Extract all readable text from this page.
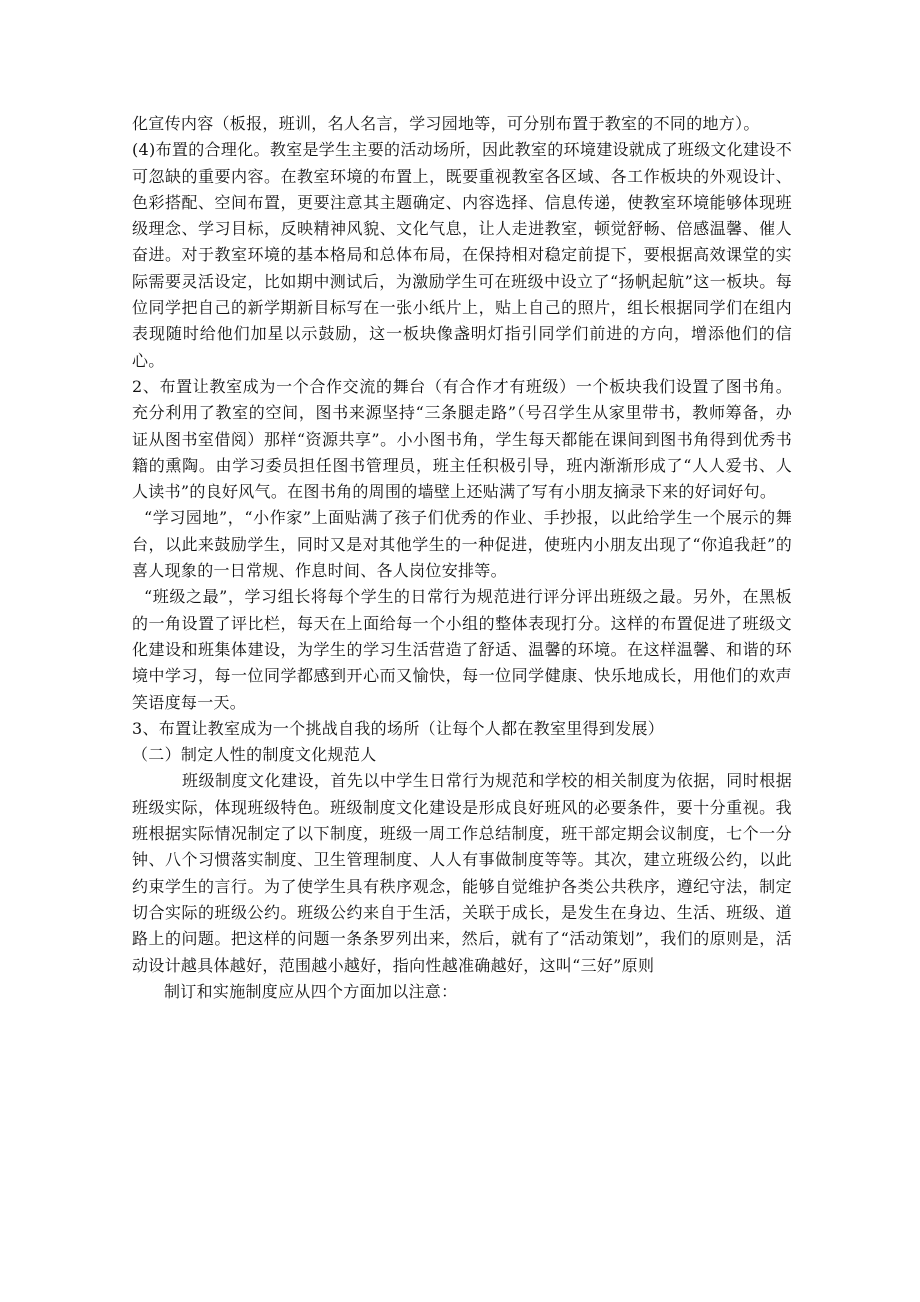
化宣传内容（板报，班训，名人名言，学习园地等，可分别布置于教室的不同的地方）。

(4)布置的合理化。教室是学生主要的活动场所，因此教室的环境建设就成了班级文化建设不可忽缺的重要内容。在教室环境的布置上，既要重视教室各区域、各工作板块的外观设计、色彩搭配、空间布置，更要注意其主题确定、内容选择、信息传递，使教室环境能够体现班级理念、学习目标，反映精神风貌、文化气息，让人走进教室，顿觉舒畅、倍感温馨、催人奋进。对于教室环境的基本格局和总体布局，在保持相对稳定前提下，要根据高效课堂的实际需要灵活设定，比如期中测试后，为激励学生可在班级中设立了“扬帆起航”这一板块。每位同学把自己的新学期新目标写在一张小纸片上，贴上自己的照片，组长根据同学们在组内表现随时给他们加星以示鼓励，这一板块像盏明灯指引同学们前进的方向，增添他们的信心。

2、布置让教室成为一个合作交流的舞台（有合作才有班级）一个板块我们设置了图书角。充分利用了教室的空间，图书来源坚持“三条腿走路”（号召学生从家里带书，教师筹备，办证从图书室借阅）那样“资源共享”。小小图书角，学生每天都能在课间到图书角得到优秀书籍的熏陶。由学习委员担任图书管理员，班主任积极引导，班内渐渐形成了“人人爱书、人人读书”的良好风气。在图书角的周围的墙壁上还贴满了写有小朋友摘录下来的好词好句。

“学习园地”，“小作家”上面贴满了孩子们优秀的作业、手抄报，以此给学生一个展示的舞台，以此来鼓励学生，同时又是对其他学生的一种促进，使班内小朋友出现了“你追我赶”的喜人现象的一日常规、作息时间、各人岗位安排等。

“班级之最”，学习组长将每个学生的日常行为规范进行评分评出班级之最。另外，在黑板的一角设置了评比栏，每天在上面给每一个小组的整体表现打分。这样的布置促进了班级文化建设和班集体建设，为学生的学习生活营造了舒适、温馨的环境。在这样温馨、和谐的环境中学习，每一位同学都感到开心而又愉快，每一位同学健康、快乐地成长，用他们的欢声笑语度每一天。

3、布置让教室成为一个挑战自我的场所（让每个人都在教室里得到发展）

（二）制定人性的制度文化规范人

班级制度文化建设，首先以中学生日常行为规范和学校的相关制度为依据，同时根据班级实际，体现班级特色。班级制度文化建设是形成良好班风的必要条件，要十分重视。我班根据实际情况制定了以下制度，班级一周工作总结制度，班干部定期会议制度，七个一分钟、八个习惯落实制度、卫生管理制度、人人有事做制度等等。其次，建立班级公约，以此约束学生的言行。为了使学生具有秩序观念，能够自觉维护各类公共秩序，遵纪守法，制定切合实际的班级公约。班级公约来自于生活，关联于成长，是发生在身边、生活、班级、道路上的问题。把这样的问题一条条罗列出来，然后，就有了“活动策划”，我们的原则是，活动设计越具体越好，范围越小越好，指向性越准确越好，这叫“三好”原则

制订和实施制度应从四个方面加以注意：
